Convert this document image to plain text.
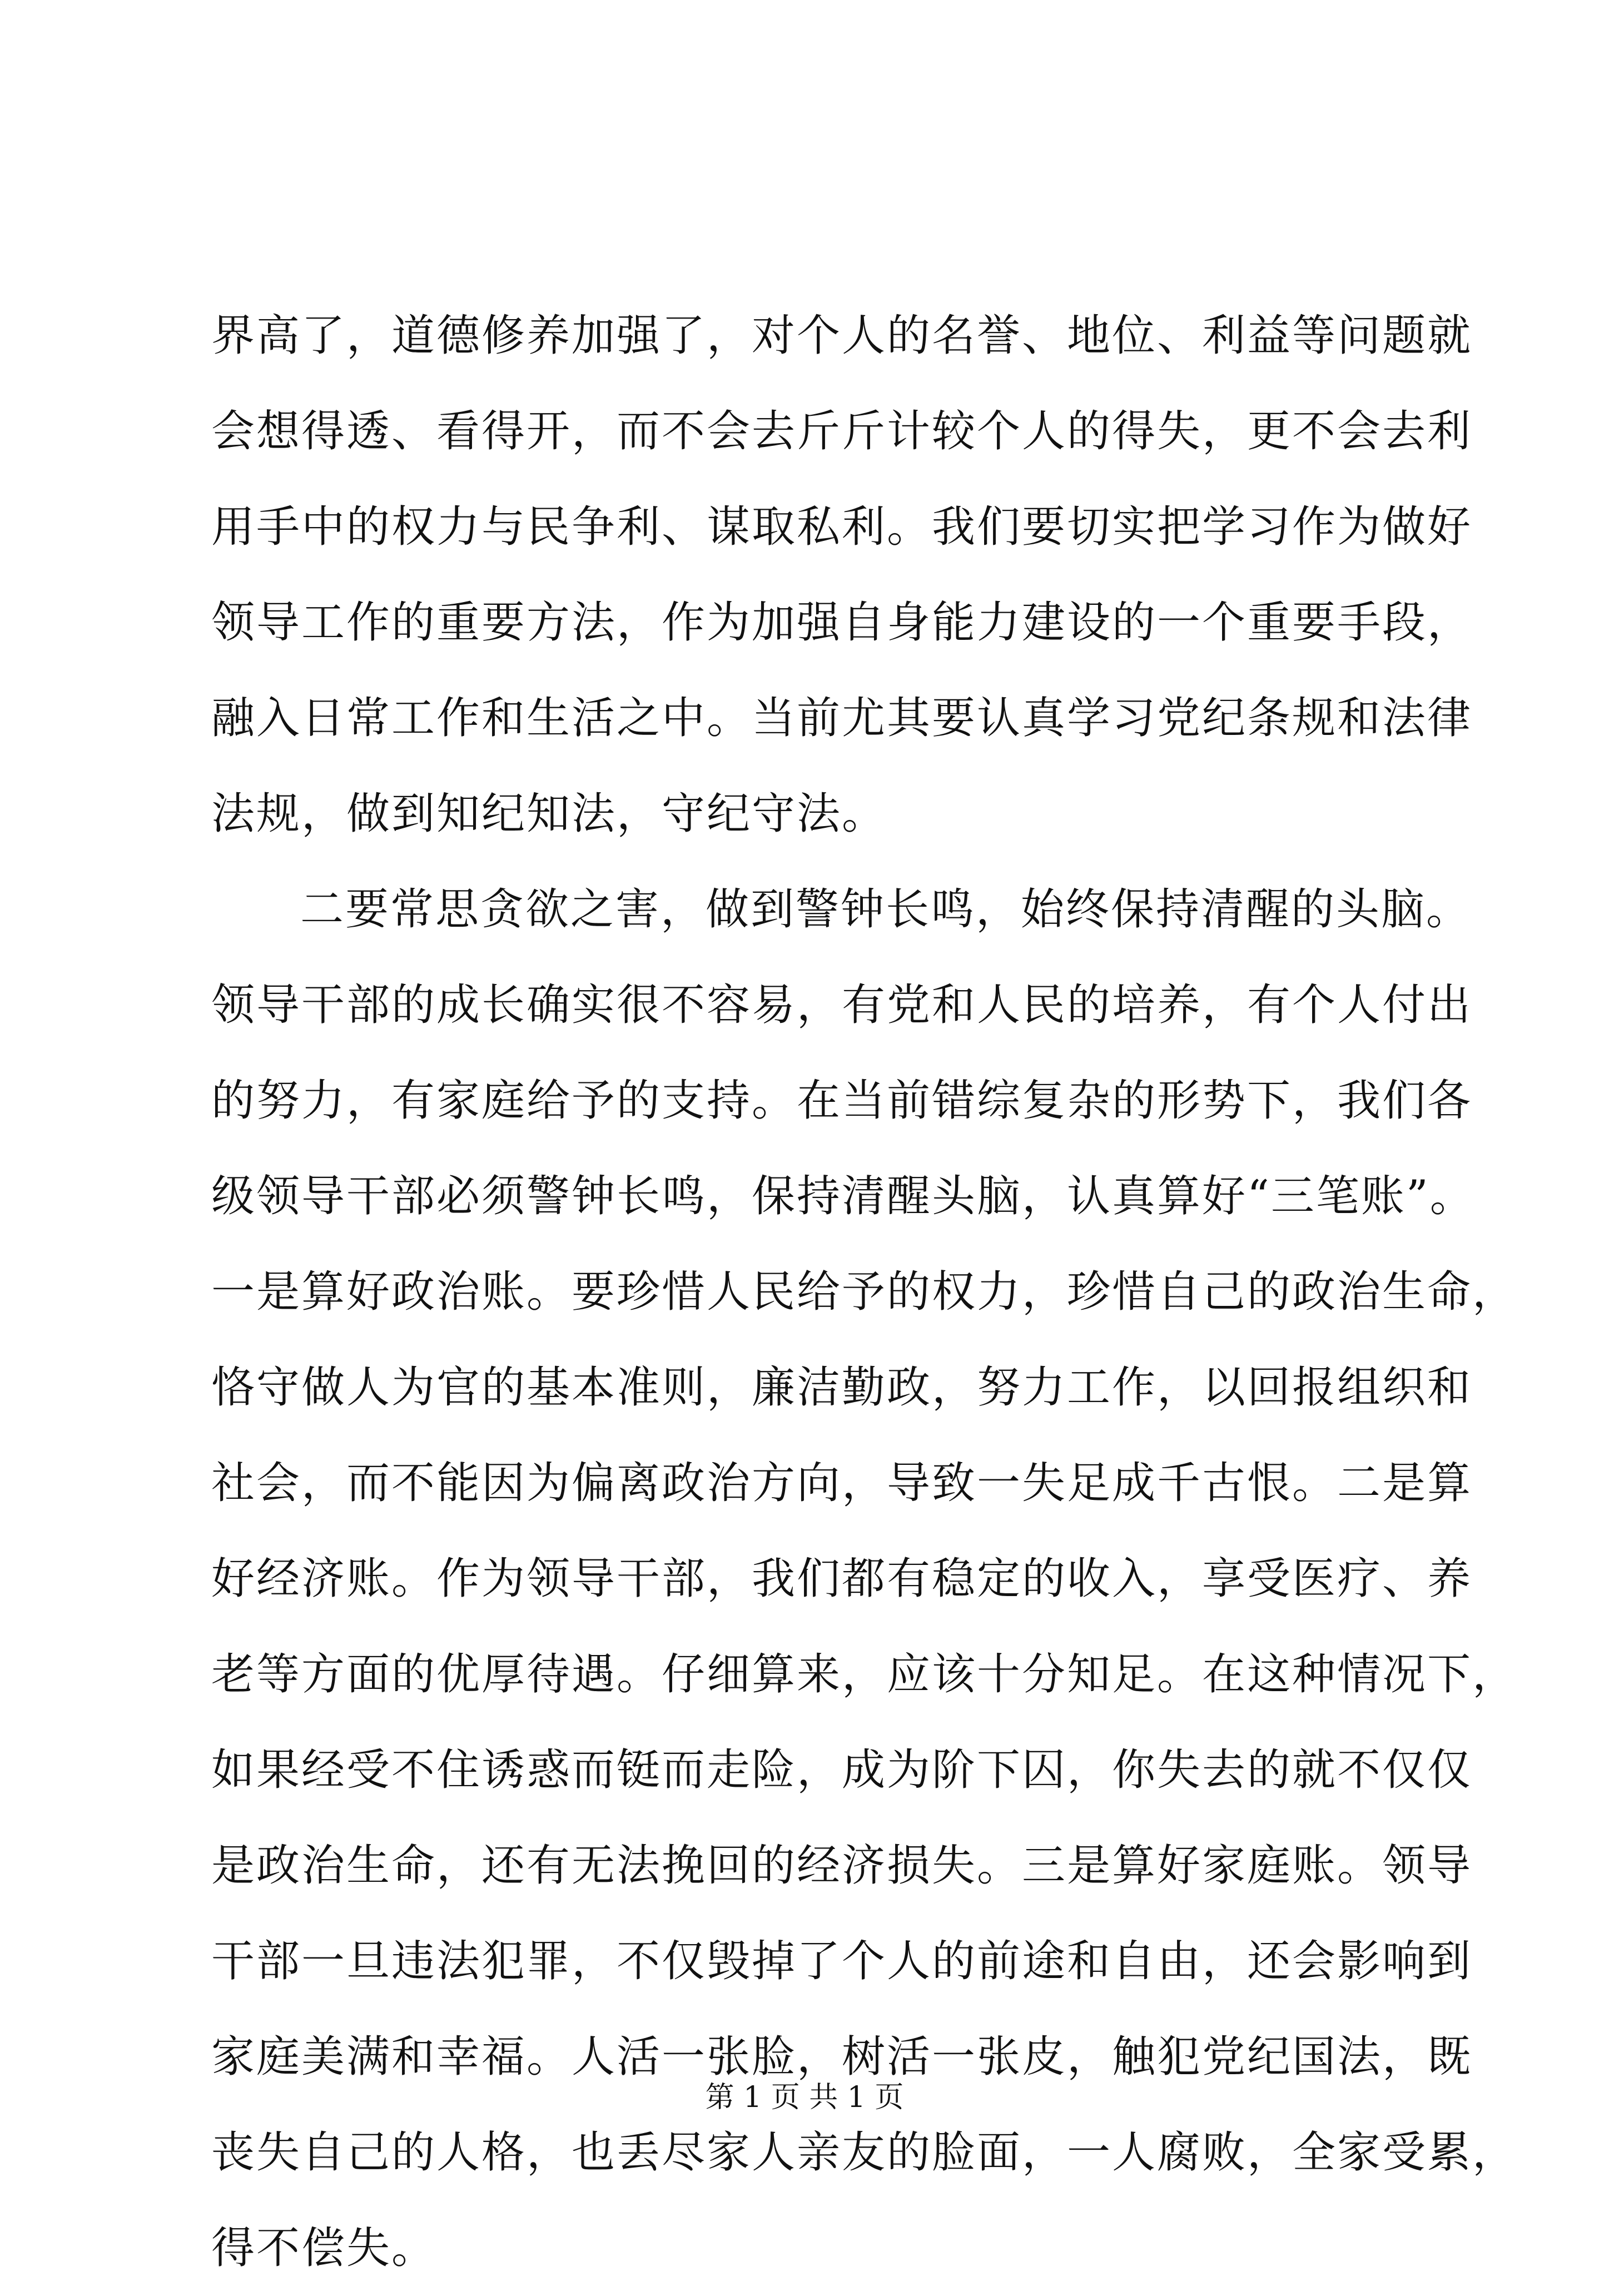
界高了，道德修养加强了，对个人的名誉、地位、利益等问题就
会想得透、看得开，而不会去斤斤计较个人的得失，更不会去利
用手中的权力与民争利、谋取私利。我们要切实把学习作为做好
领导工作的重要方法，作为加强自身能力建设的一个重要手段，
融入日常工作和生活之中。当前尤其要认真学习党纪条规和法律
法规，做到知纪知法，守纪守法。
二要常思贪欲之害，做到警钟长鸣，始终保持清醒的头脑。
领导干部的成长确实很不容易，有党和人民的培养，有个人付出
的努力，有家庭给予的支持。在当前错综复杂的形势下，我们各
级领导干部必须警钟长鸣，保持清醒头脑，认真算好“三笔账”。
一是算好政治账。要珍惜人民给予的权力，珍惜自己的政治生命，
恪守做人为官的基本准则，廉洁勤政，努力工作，以回报组织和
社会，而不能因为偏离政治方向，导致一失足成千古恨。二是算
好经济账。作为领导干部，我们都有稳定的收入，享受医疗、养
老等方面的优厚待遇。仔细算来，应该十分知足。在这种情况下，
如果经受不住诱惑而铤而走险，成为阶下囚，你失去的就不仅仅
是政治生命，还有无法挽回的经济损失。三是算好家庭账。领导
干部一旦违法犯罪，不仅毁掉了个人的前途和自由，还会影响到
家庭美满和幸福。人活一张脸，树活一张皮，触犯党纪国法，既
丧失自己的人格，也丢尽家人亲友的脸面，一人腐败，全家受累，
得不偿失。
第 1 页 共 1 页
